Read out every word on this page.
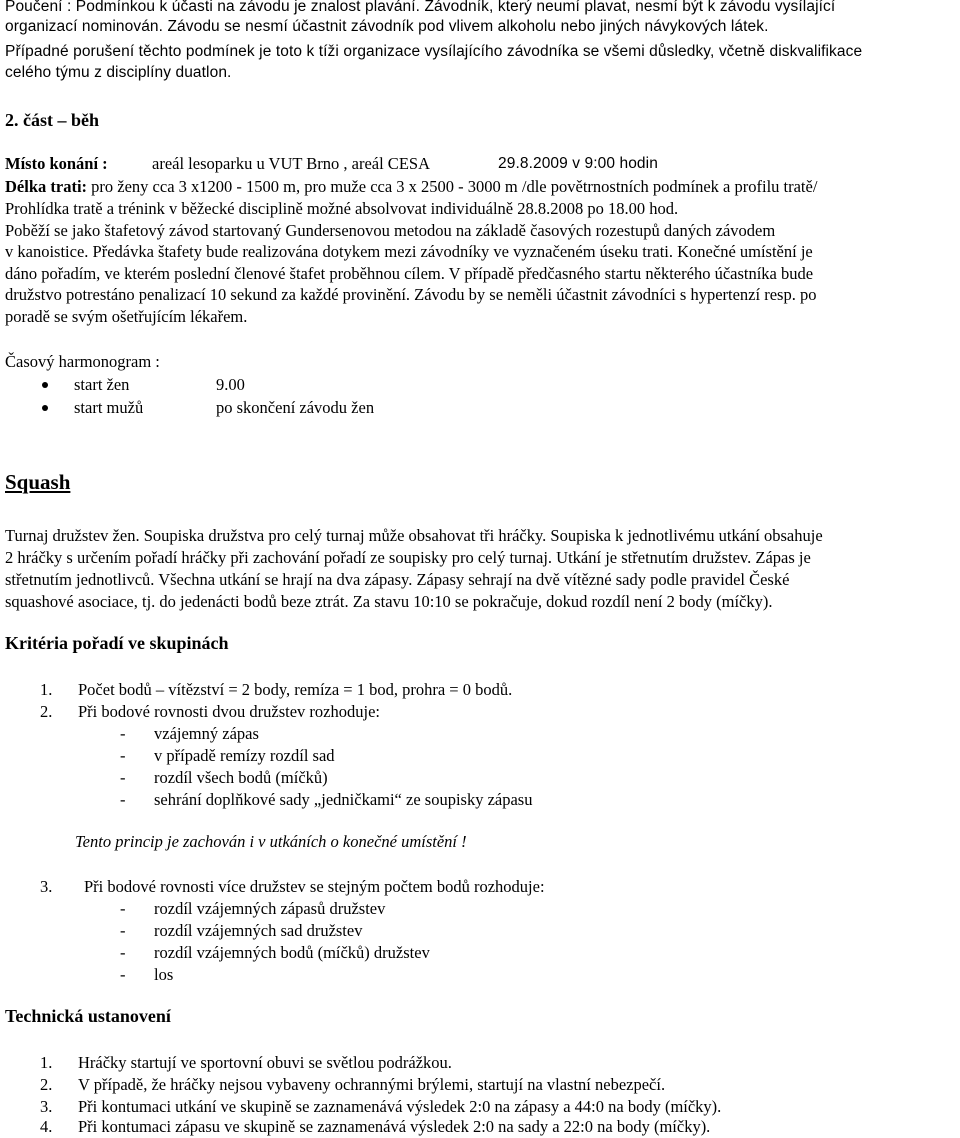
Poučení : Podmínkou k účasti na závodu je znalost plavání. Závodník, který neumí plavat, nesmí být k závodu vysílající

organizací nominován. Závodu se nesmí účastnit závodník pod vlivem alkoholu nebo jiných návykových látek.

Případné porušení těchto podmínek je toto k tíži organizace vysílajícího závodníka se všemi důsledky, včetně diskvalifikace

celého týmu z disciplíny duatlon.

2. část – běh

Místo konání :	areál lesoparku u VUT Brno , areál CESA	29.8.2009 v 9:00 hodin

Délka trati: pro ženy cca 3 x1200 - 1500 m, pro muže cca 3 x 2500 - 3000 m /dle povětrnostních podmínek a profilu tratě/

Prohlídka tratě a trénink v běžecké disciplině možné absolvovat individuálně 28.8.2008 po 18.00 hod.

Poběží se jako štafetový závod startovaný Gundersenovou metodou na základě časových rozestupů daných závodem

v kanoistice. Předávka štafety bude realizována dotykem mezi závodníky ve vyznačeném úseku trati. Konečné umístění je

dáno pořadím, ve kterém poslední členové štafet proběhnou cílem. V případě předčasného startu některého účastníka bude

družstvo potrestáno penalizací 10 sekund za každé provinění. Závodu by se neměli účastnit závodníci s hypertenzí resp. po

poradě se svým ošetřujícím lékařem.

Časový harmonogram :

start žen	9.00
start mužů	po skončení závodu žen

Squash

Turnaj družstev žen. Soupiska družstva pro celý turnaj může obsahovat tři hráčky. Soupiska k jednotlivému utkání obsahuje

2 hráčky s určením pořadí hráčky při zachování pořadí ze soupisky pro celý turnaj. Utkání je střetnutím družstev. Zápas je

střetnutím jednotlivců. Všechna utkání se hrají na dva zápasy. Zápasy sehrají na dvě vítězné sady podle pravidel České

squashové asociace, tj. do jedenácti bodů beze ztrát. Za stavu 10:10 se pokračuje, dokud rozdíl není 2 body (míčky).

Kritéria pořadí ve skupinách

1. Počet bodů – vítězství = 2 body, remíza = 1 bod, prohra = 0 bodů.

2. Při bodové rovnosti dvou družstev rozhoduje:

- vzájemný zápas

- v případě remízy rozdíl sad

- rozdíl všech bodů (míčků)

- sehrání doplňkové sady „jedničkami“ ze soupisky zápasu

Tento princip je zachován i v utkáních o konečné umístění !

3. Při bodové rovnosti více družstev se stejným počtem bodů rozhoduje:

- rozdíl vzájemných zápasů družstev

- rozdíl vzájemných sad družstev

- rozdíl vzájemných bodů (míčků) družstev

- los

Technická ustanovení

1. Hráčky startují ve sportovní obuvi se světlou podrážkou.

2. V případě, že hráčky nejsou vybaveny ochrannými brýlemi, startují na vlastní nebezpečí.

3. Při kontumaci utkání ve skupině se zaznamenává výsledek 2:0 na zápasy a 44:0 na body (míčky).

4. Při kontumaci zápasu ve skupině se zaznamenává výsledek 2:0 na sady a 22:0 na body (míčky).
